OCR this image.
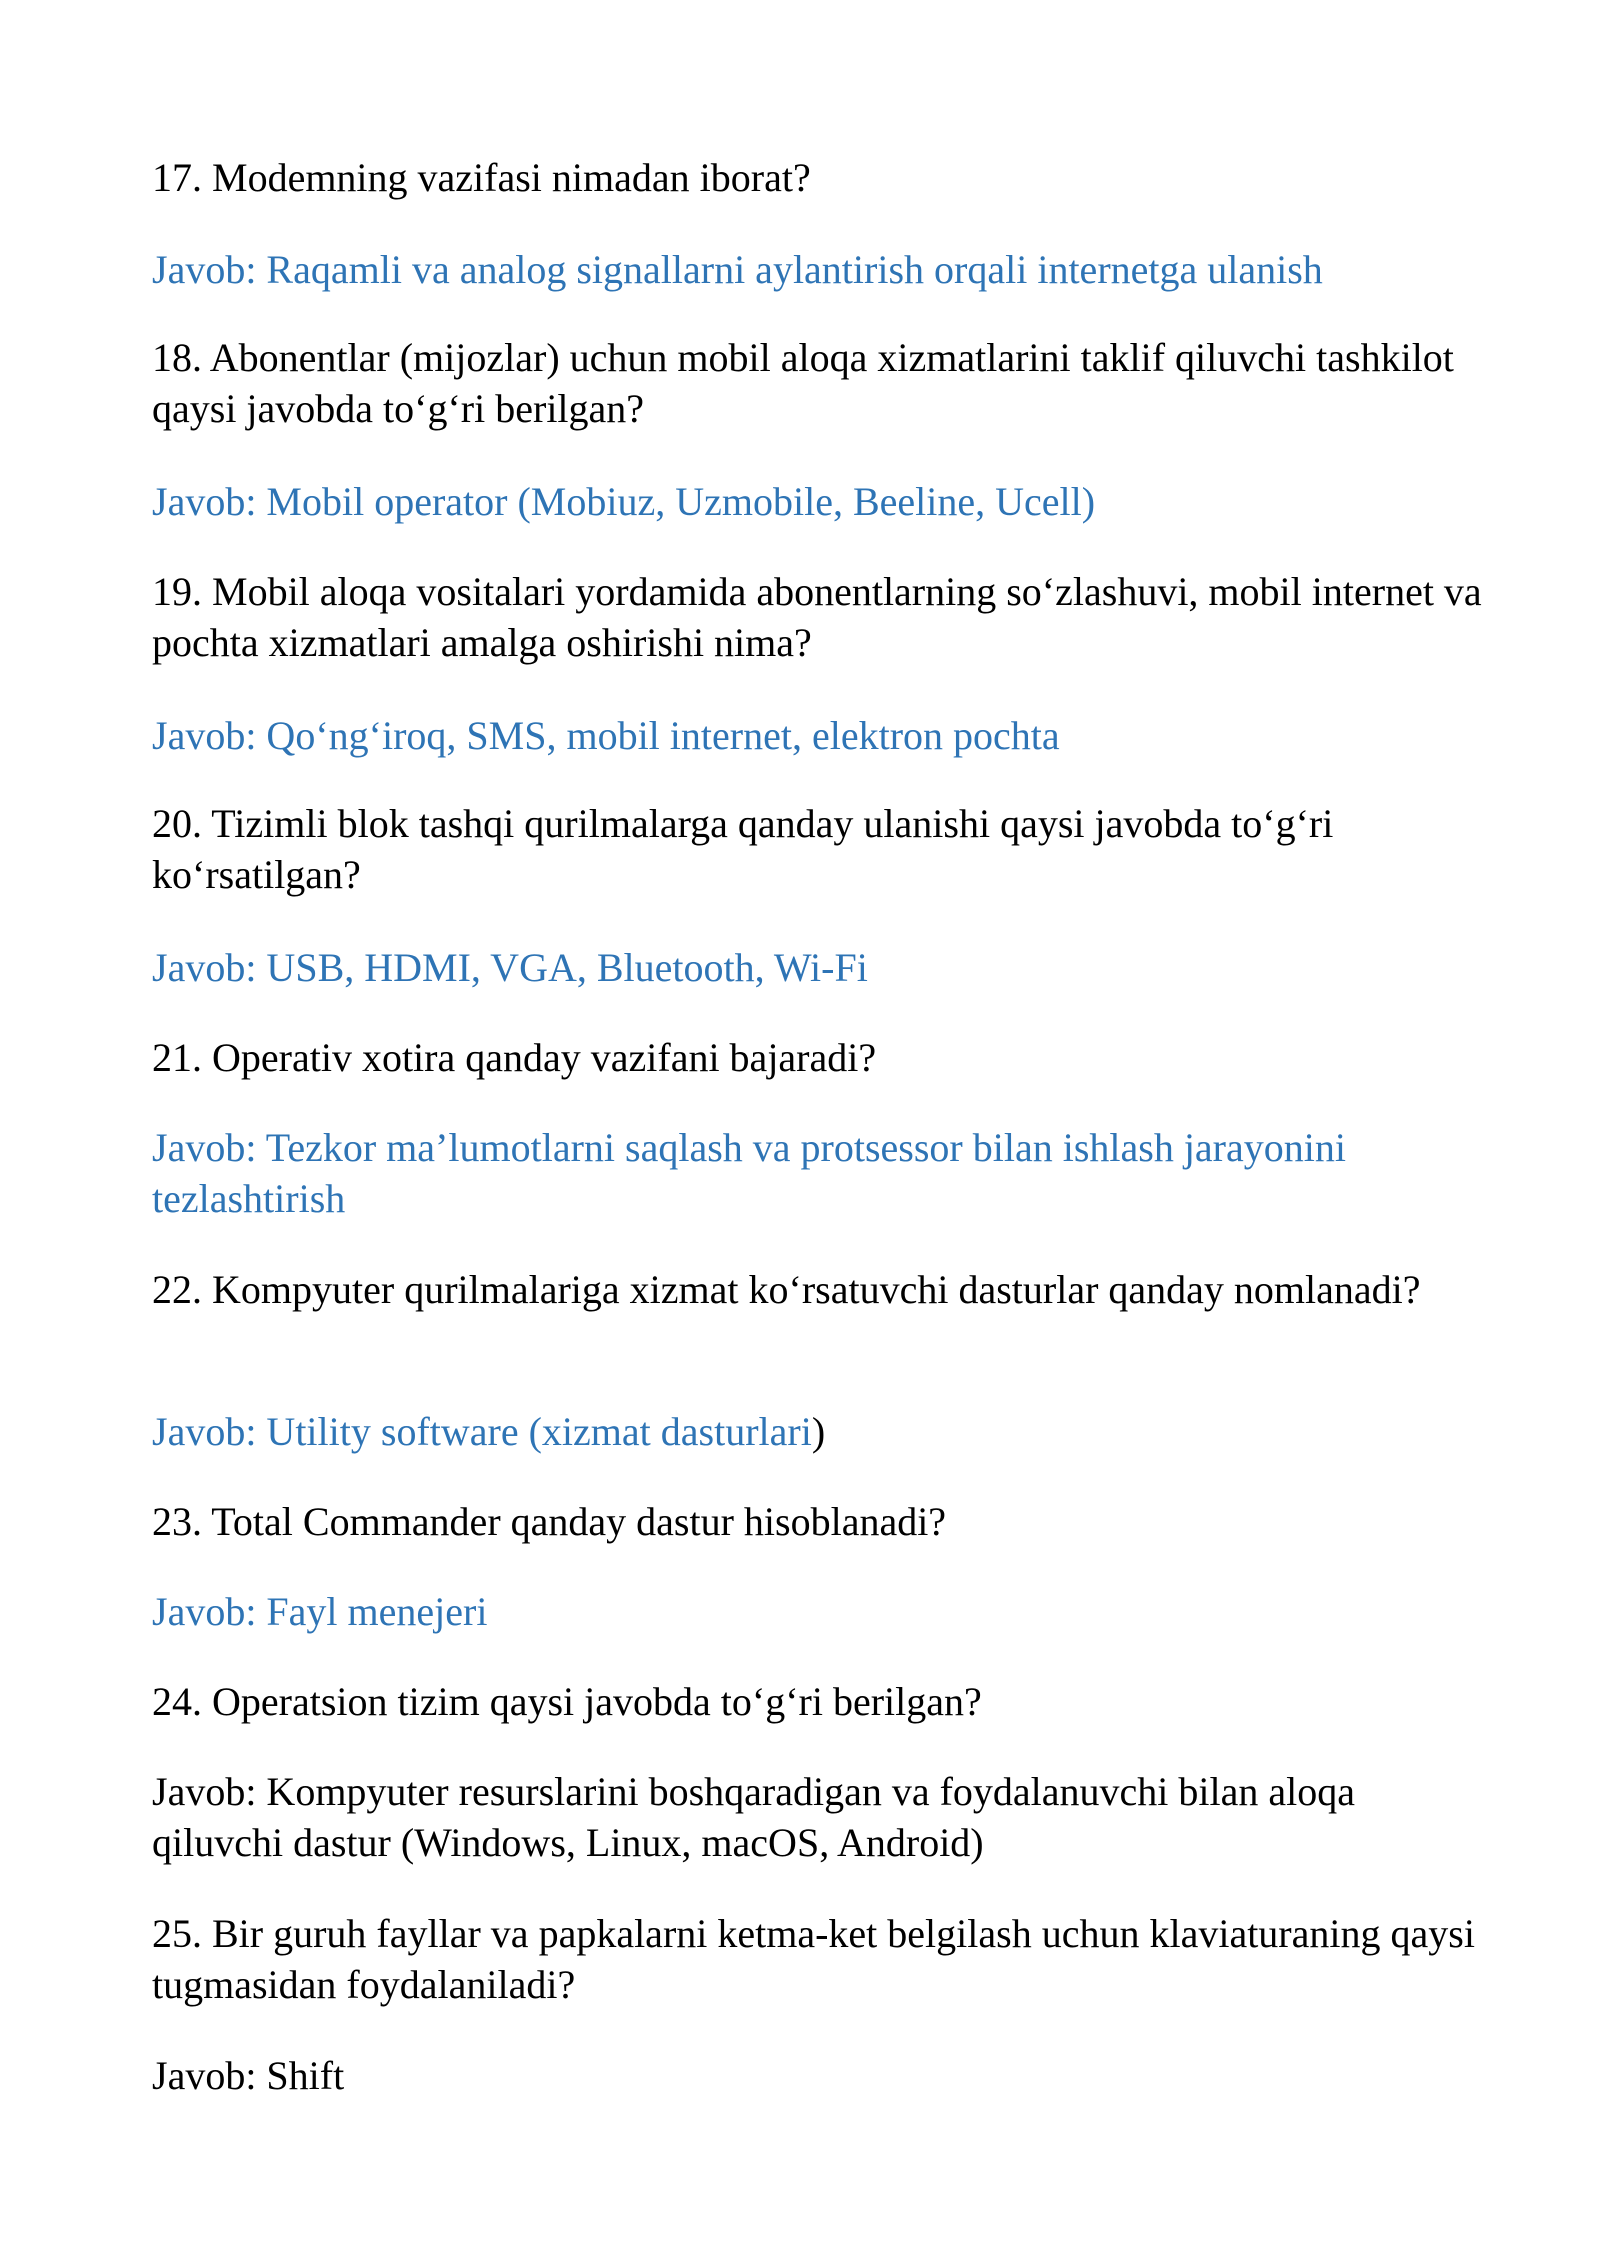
17. Modemning vazifasi nimadan iborat?

Javob: Raqamli va analog signallarni aylantirish orqali internetga ulanish

18. Abonentlar (mijozlar) uchun mobil aloqa xizmatlarini taklif qiluvchi tashkilot qaysi javobda to‘g‘ri berilgan?

Javob: Mobil operator (Mobiuz, Uzmobile, Beeline, Ucell)

19. Mobil aloqa vositalari yordamida abonentlarning so‘zlashuvi, mobil internet va pochta xizmatlari amalga oshirishi nima?

Javob: Qo‘ng‘iroq, SMS, mobil internet, elektron pochta

20. Tizimli blok tashqi qurilmalarga qanday ulanishi qaysi javobda to‘g‘ri ko‘rsatilgan?

Javob: USB, HDMI, VGA, Bluetooth, Wi-Fi

21. Operativ xotira qanday vazifani bajaradi?

Javob: Tezkor ma’lumotlarni saqlash va protsessor bilan ishlash jarayonini tezlashtirish

22. Kompyuter qurilmalariga xizmat ko‘rsatuvchi dasturlar qanday nomlanadi?

Javob: Utility software (xizmat dasturlari)

23. Total Commander qanday dastur hisoblanadi?

Javob: Fayl menejeri

24. Operatsion tizim qaysi javobda to‘g‘ri berilgan?

Javob: Kompyuter resurslarini boshqaradigan va foydalanuvchi bilan aloqa qiluvchi dastur (Windows, Linux, macOS, Android)

25. Bir guruh fayllar va papkalarni ketma-ket belgilash uchun klaviaturaning qaysi tugmasidan foydalaniladi?

Javob: Shift
